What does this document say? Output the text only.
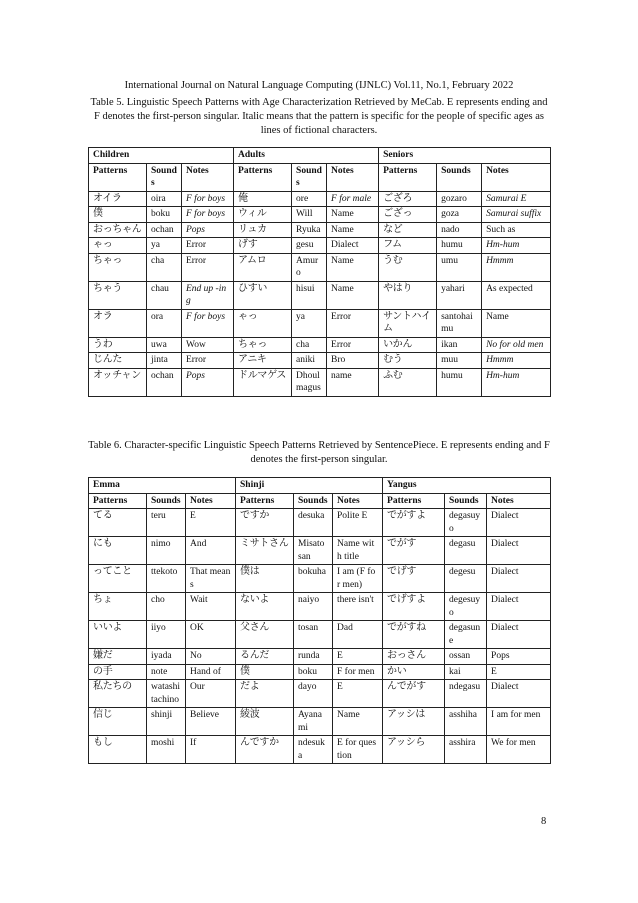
International Journal on Natural Language Computing (IJNLC) Vol.11, No.1, February 2022
Table 5. Linguistic Speech Patterns with Age Characterization Retrieved by MeCab. E represents ending and F denotes the first-person singular. Italic means that the pattern is specific for the people of specific ages as lines of fictional characters.
Children			Adults			Seniors		
Patterns	Sounds	Notes	Patterns	Sounds	Notes	Patterns	Sounds	Notes
オイラ	oira	F for boys	俺	ore	F for male	ござろ	gozaro	Samurai E
僕	boku	F for boys	ウィル	Will	Name	ござっ	goza	Samurai suffix
おっちゃん	ochan	Pops	リュカ	Ryuka	Name	など	nado	Such as
ゃっ	ya	Error	げす	gesu	Dialect	フム	humu	Hm-hum
ちゃっ	cha	Error	アムロ	Amuro	Name	うむ	umu	Hmmm
ちゃう	chau	End up -ing	ひすい	hisui	Name	やはり	yahari	As expected
オラ	ora	F for boys	ゃっ	ya	Error	サントハイム	santohaimu	Name
うわ	uwa	Wow	ちゃっ	cha	Error	いかん	ikan	No for old men
じんた	jinta	Error	アニキ	aniki	Bro	むう	muu	Hmmm
オッチャン	ochan	Pops	ドルマゲス	Dhoulmagus	name	ふむ	humu	Hm-hum
Table 6. Character-specific Linguistic Speech Patterns Retrieved by SentencePiece. E represents ending and F denotes the first-person singular.
Emma			Shinji			Yangus		
Patterns	Sounds	Notes	Patterns	Sounds	Notes	Patterns	Sounds	Notes
てる	teru	E	ですか	desuka	Polite E	でがすよ	degasuyo	Dialect
にも	nimo	And	ミサトさん	Misatosan	Name with title	でがす	degasu	Dialect
ってこと	ttekoto	That means	僕は	bokuha	I am (F for men)	でげす	degesu	Dialect
ちょ	cho	Wait	ないよ	naiyo	there isn't	でげすよ	degesuyo	Dialect
いいよ	iiyo	OK	父さん	tosan	Dad	でがすね	degasune	Dialect
嫌だ	iyada	No	るんだ	runda	E	おっさん	ossan	Pops
の手	note	Hand of	僕	boku	F for men	かい	kai	E
私たちの	watashitachino	Our	だよ	dayo	E	んでがす	ndegasu	Dialect
信じ	shinji	Believe	綾波	Ayanami	Name	アッシは	asshiha	I am for men
もし	moshi	If	んですか	ndesuka	E for question	アッシら	asshira	We for men
8
